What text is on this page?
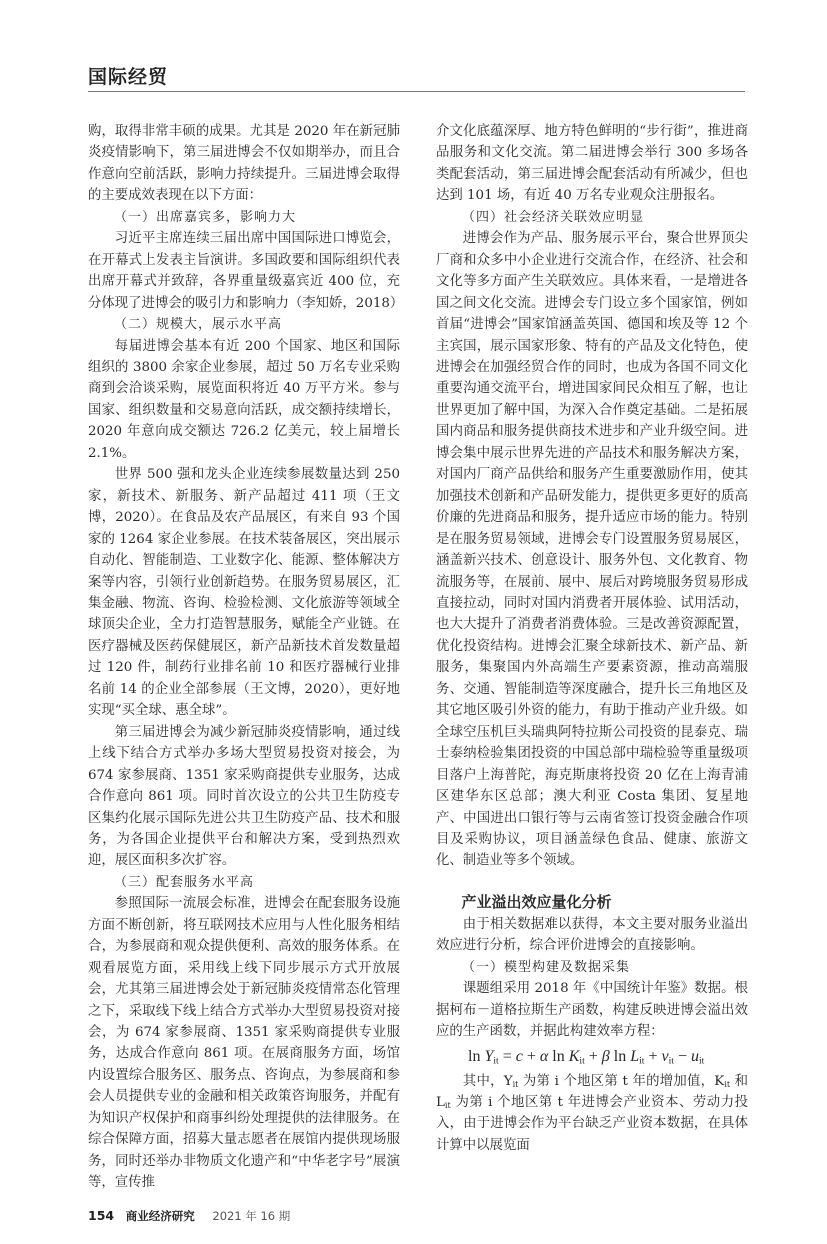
国际经贸

购，取得非常丰硕的成果。尤其是 2020 年在新冠肺炎疫情影响下，第三届进博会不仅如期举办，而且合作意向空前活跃，影响力持续提升。三届进博会取得的主要成效表现在以下方面：

（一）出席嘉宾多，影响力大

习近平主席连续三届出席中国国际进口博览会，在开幕式上发表主旨演讲。多国政要和国际组织代表出席开幕式并致辞，各界重量级嘉宾近 400 位，充分体现了进博会的吸引力和影响力（李知娇，2018）

（二）规模大，展示水平高

每届进博会基本有近 200 个国家、地区和国际组织的 3800 余家企业参展，超过 50 万名专业采购商到会洽谈采购，展览面积将近 40 万平方米。参与国家、组织数量和交易意向活跃，成交额持续增长，2020 年意向成交额达 726.2 亿美元，较上届增长 2.1%。

世界 500 强和龙头企业连续参展数量达到 250 家，新技术、新服务、新产品超过 411 项（王文博，2020）。在食品及农产品展区，有来自 93 个国家的 1264 家企业参展。在技术装备展区，突出展示自动化、智能制造、工业数字化、能源、整体解决方案等内容，引领行业创新趋势。在服务贸易展区，汇集金融、物流、咨询、检验检测、文化旅游等领域全球顶尖企业，全力打造智慧服务，赋能全产业链。在医疗器械及医药保健展区，新产品新技术首发数量超过 120 件，制药行业排名前 10 和医疗器械行业排名前 14 的企业全部参展（王文博，2020），更好地实现“买全球、惠全球”。

第三届进博会为减少新冠肺炎疫情影响，通过线上线下结合方式举办多场大型贸易投资对接会，为 674 家参展商、1351 家采购商提供专业服务，达成合作意向 861 项。同时首次设立的公共卫生防疫专区集约化展示国际先进公共卫生防疫产品、技术和服务，为各国企业提供平台和解决方案，受到热烈欢迎，展区面积多次扩容。

（三）配套服务水平高

参照国际一流展会标准，进博会在配套服务设施方面不断创新，将互联网技术应用与人性化服务相结合，为参展商和观众提供便利、高效的服务体系。在观看展览方面，采用线上线下同步展示方式开放展会，尤其第三届进博会处于新冠肺炎疫情常态化管理之下，采取线下线上结合方式举办大型贸易投资对接会，为 674 家参展商、1351 家采购商提供专业服务，达成合作意向 861 项。在展商服务方面，场馆内设置综合服务区、服务点、咨询点，为参展商和参会人员提供专业的金融和相关政策咨询服务，并配有为知识产权保护和商事纠纷处理提供的法律服务。在综合保障方面，招募大量志愿者在展馆内提供现场服务，同时还举办非物质文化遗产和“中华老字号”展演等，宣传推

介文化底蕴深厚、地方特色鲜明的“步行街”，推进商品服务和文化交流。第二届进博会举行 300 多场各类配套活动，第三届进博会配套活动有所减少，但也达到 101 场，有近 40 万名专业观众注册报名。

（四）社会经济关联效应明显

进博会作为产品、服务展示平台，聚合世界顶尖厂商和众多中小企业进行交流合作，在经济、社会和文化等多方面产生关联效应。具体来看，一是增进各国之间文化交流。进博会专门设立多个国家馆，例如首届“进博会”国家馆涵盖英国、德国和埃及等 12 个主宾国，展示国家形象、特有的产品及文化特色，使进博会在加强经贸合作的同时，也成为各国不同文化重要沟通交流平台，增进国家间民众相互了解，也让世界更加了解中国，为深入合作奠定基础。二是拓展国内商品和服务提供商技术进步和产业升级空间。进博会集中展示世界先进的产品技术和服务解决方案，对国内厂商产品供给和服务产生重要激励作用，使其加强技术创新和产品研发能力，提供更多更好的质高价廉的先进商品和服务，提升适应市场的能力。特别是在服务贸易领域，进博会专门设置服务贸易展区，涵盖新兴技术、创意设计、服务外包、文化教育、物流服务等，在展前、展中、展后对跨境服务贸易形成直接拉动，同时对国内消费者开展体验、试用活动，也大大提升了消费者消费体验。三是改善资源配置，优化投资结构。进博会汇聚全球新技术、新产品、新服务，集聚国内外高端生产要素资源，推动高端服务、交通、智能制造等深度融合，提升长三角地区及其它地区吸引外资的能力，有助于推动产业升级。如全球空压机巨头瑞典阿特拉斯公司投资的昆泰克、瑞士泰纳检验集团投资的中国总部中瑞检验等重量级项目落户上海普陀，海克斯康将投资 20 亿在上海青浦区建华东区总部；澳大利亚 Costa 集团、复星地产、中国进出口银行等与云南省签订投资金融合作项目及采购协议，项目涵盖绿色食品、健康、旅游文化、制造业等多个领域。

产业溢出效应量化分析

由于相关数据难以获得，本文主要对服务业溢出效应进行分析，综合评价进博会的直接影响。

（一）模型构建及数据采集

课题组采用 2018 年《中国统计年鉴》数据。根据柯布－道格拉斯生产函数，构建反映进博会溢出效应的生产函数，并据此构建效率方程：

$\ln Y_{it} = c + \alpha$ $\ln K_{it} + \beta$ $\ln L_{it} + v_{it} - u_{it}$

其中，$Y_{it}$ 为第 i 个地区第 t 年的增加值，$K_{it}$ 和 $L_{it}$ 为第 i 个地区第 t 年进博会产业资本、劳动力投入，由于进博会作为平台缺乏产业资本数据，在具体计算中以展览面

154 商业经济研究 2021 年 16 期
